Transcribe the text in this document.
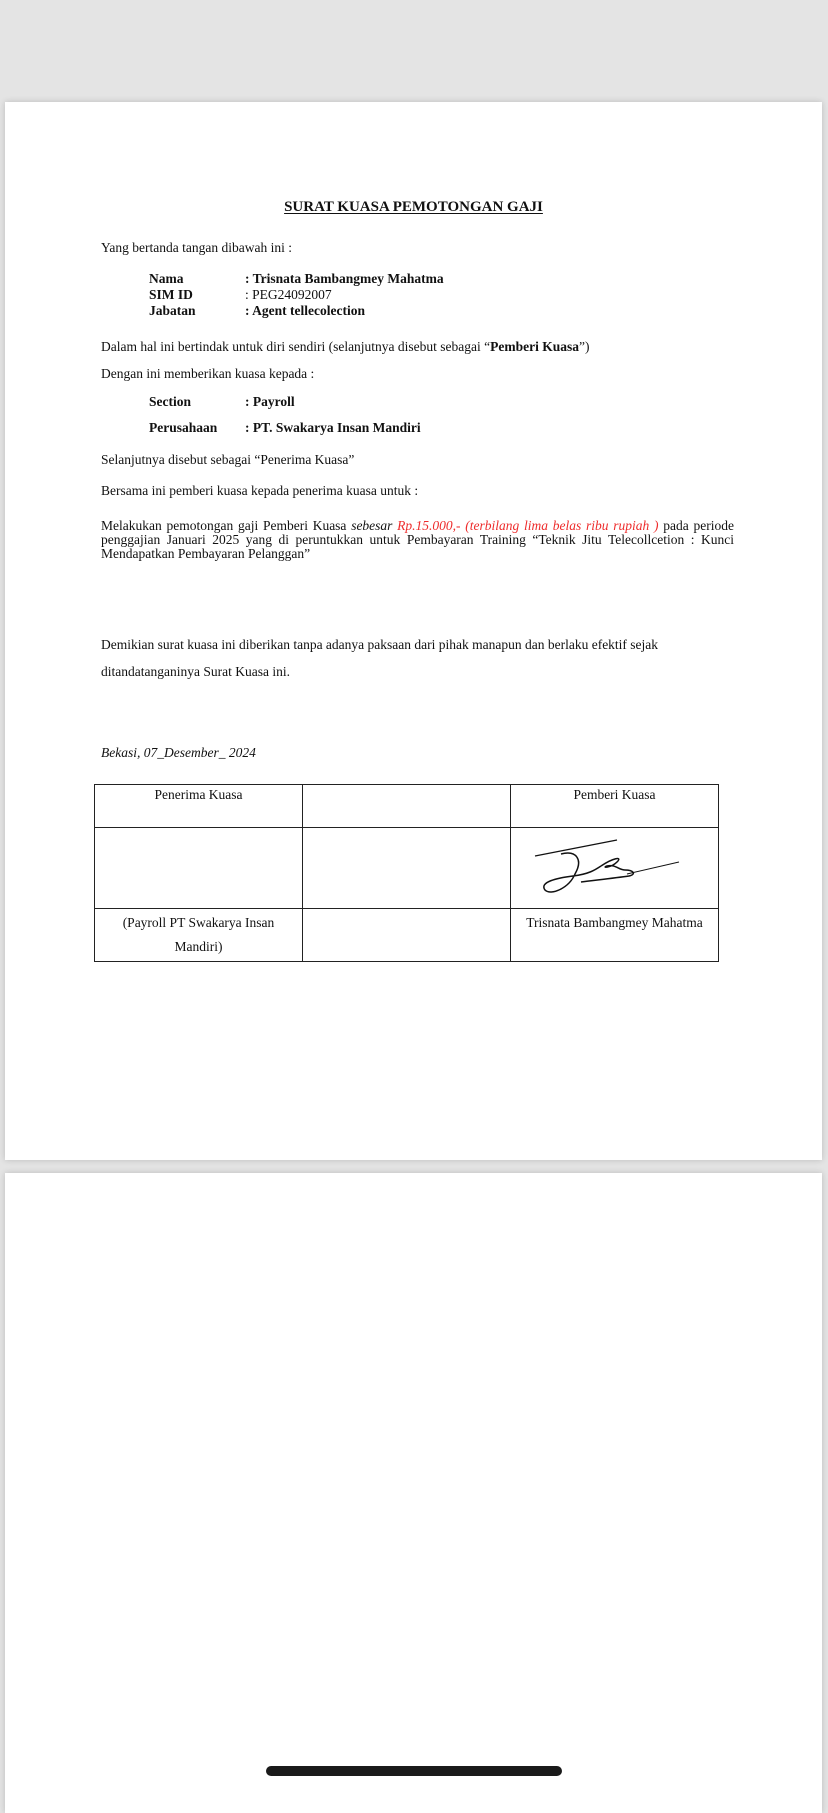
SURAT KUASA PEMOTONGAN GAJI
Yang bertanda tangan dibawah ini :
Nama	: Trisnata Bambangmey Mahatma
SIM ID	: PEG24092007
Jabatan	: Agent tellecolection
Dalam hal ini bertindak untuk diri sendiri (selanjutnya disebut sebagai “Pemberi Kuasa”)
Dengan ini memberikan kuasa kepada :
Section	: Payroll
Perusahaan : PT. Swakarya Insan Mandiri
Selanjutnya disebut sebagai “Penerima Kuasa”
Bersama ini pemberi kuasa kepada penerima kuasa untuk :
Melakukan pemotongan gaji Pemberi Kuasa sebesar Rp.15.000,- (terbilang lima belas ribu rupiah ) pada periode penggajian Januari 2025 yang di peruntukkan untuk Pembayaran Training “Teknik Jitu Telecollcetion : Kunci Mendapatkan Pembayaran Pelanggan”
Demikian surat kuasa ini diberikan tanpa adanya paksaan dari pihak manapun dan berlaku efektif sejak
ditandatanganinya Surat Kuasa ini.
Bekasi, 07_Desember_ 2024
Penerima Kuasa		Pemberi Kuasa

(Payroll PT Swakarya Insan Mandiri)		Trisnata Bambangmey Mahatma
